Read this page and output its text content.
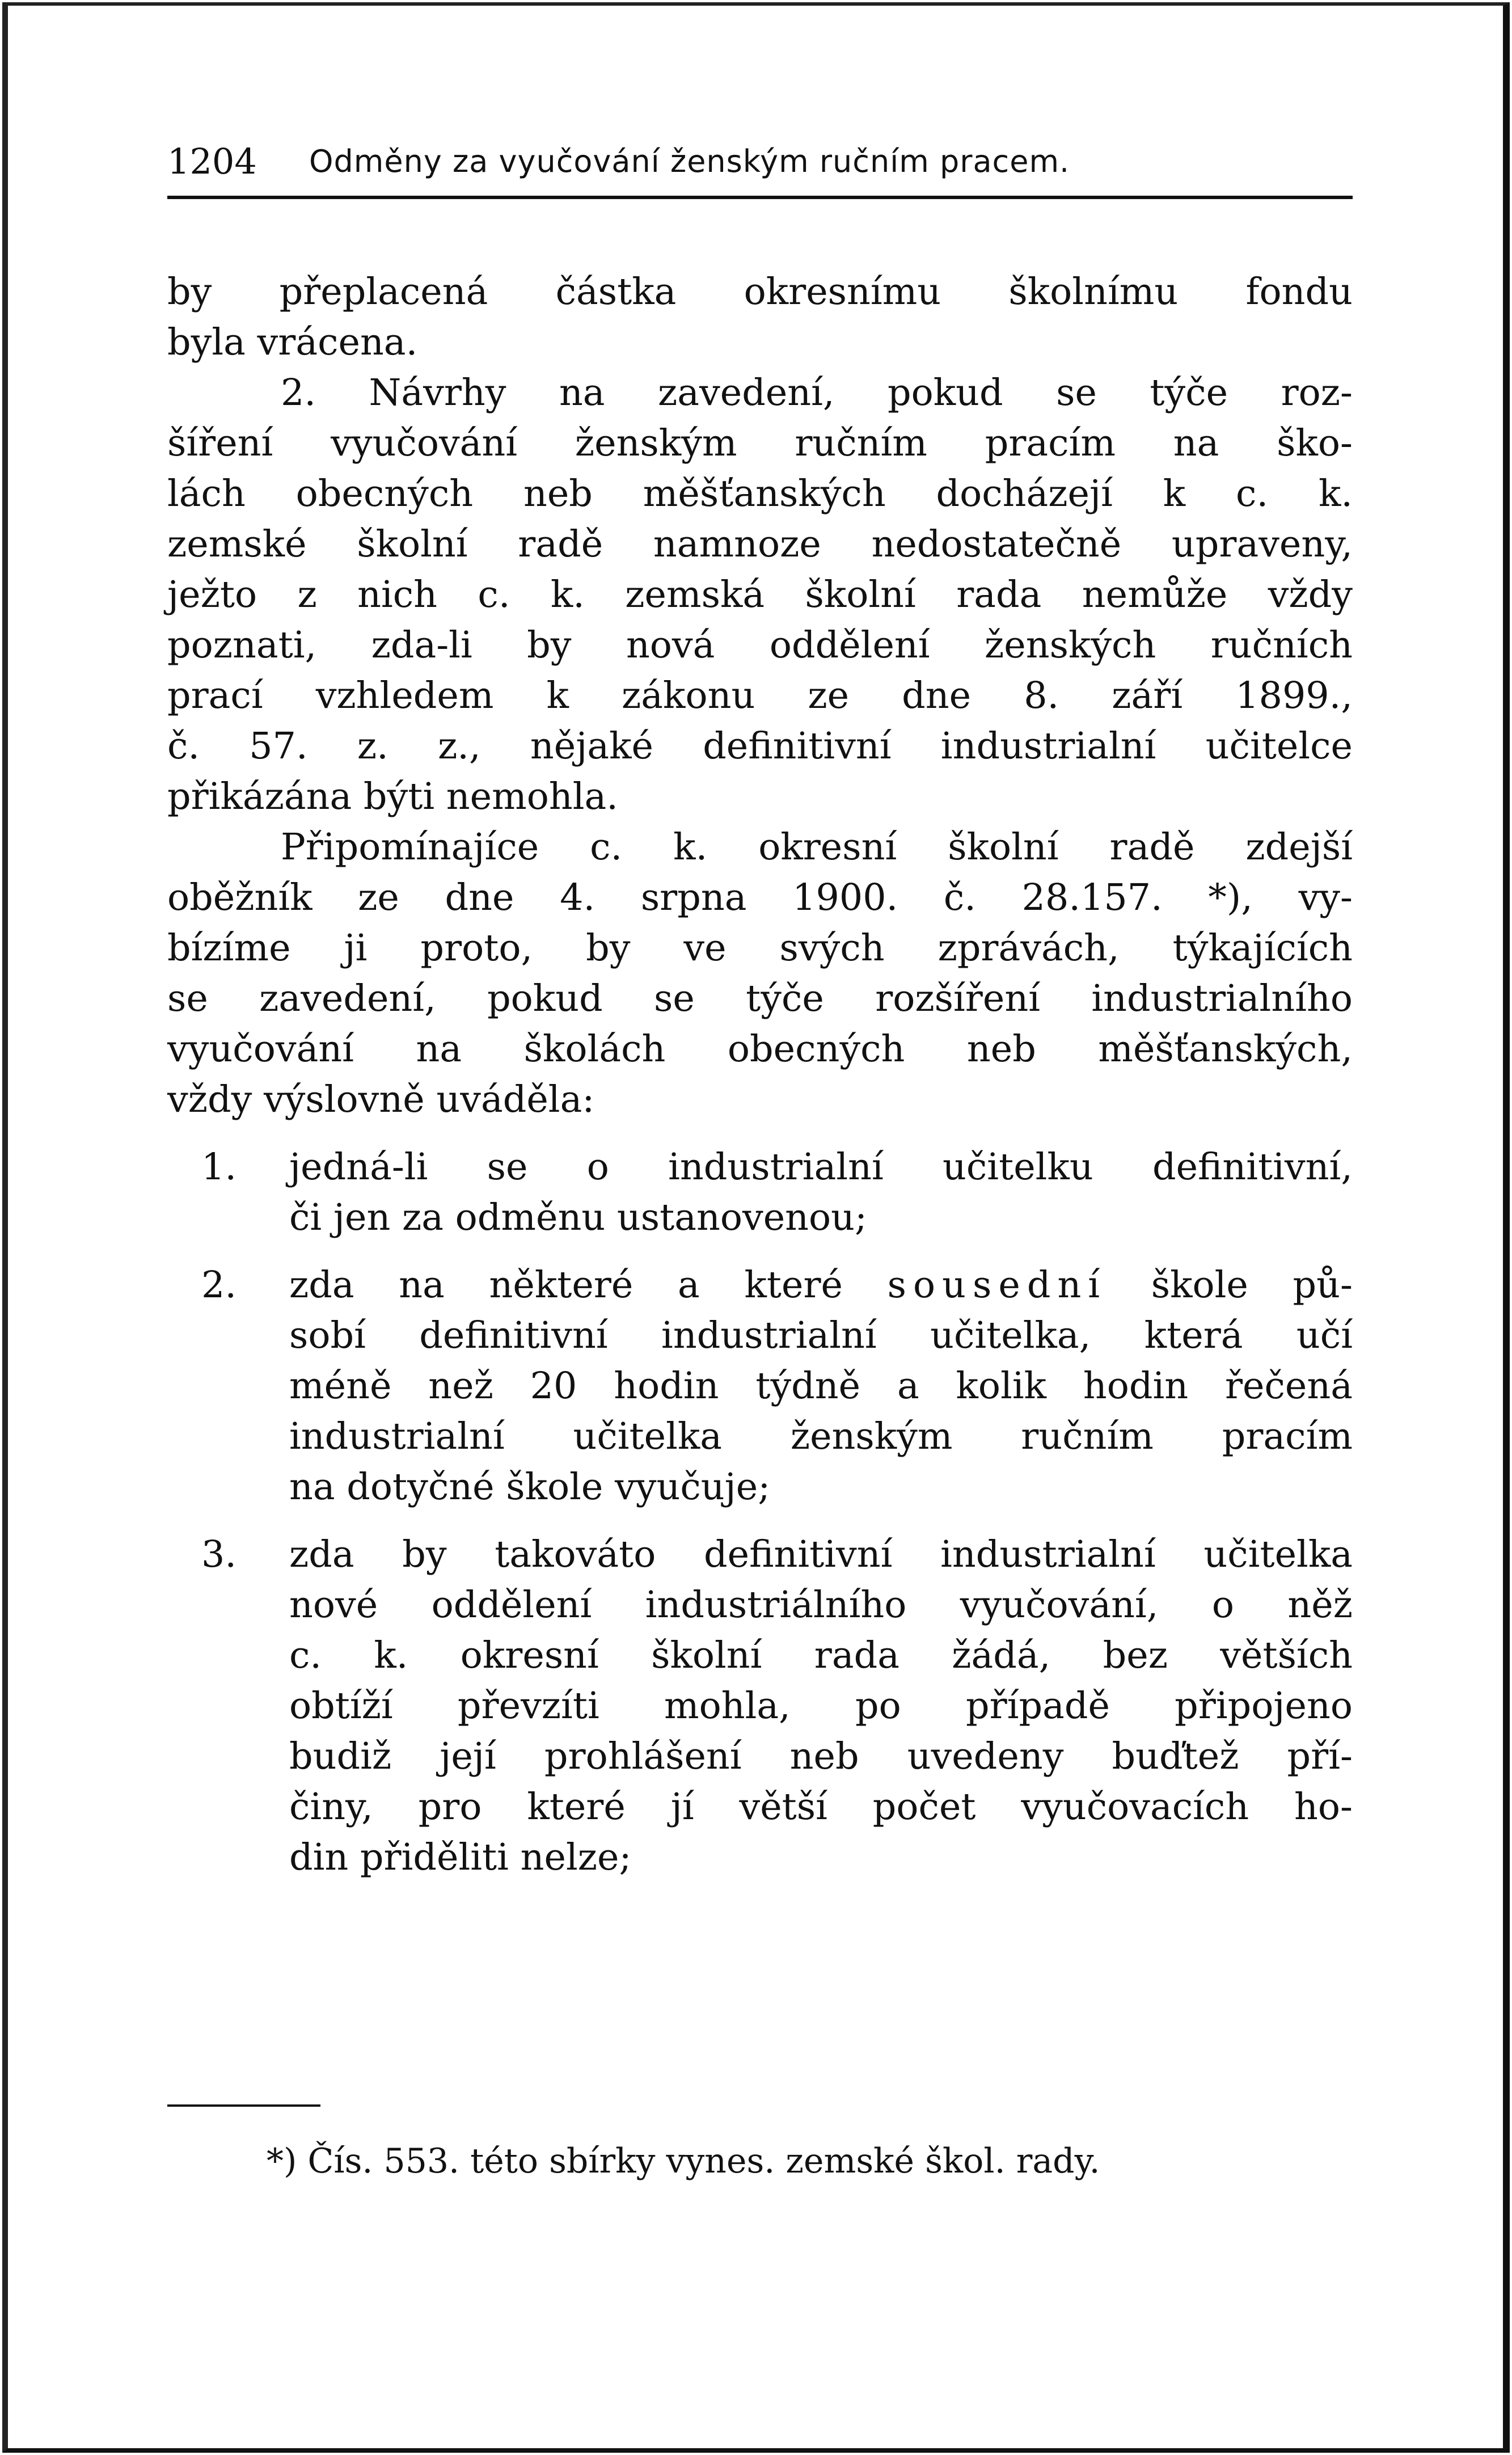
1204 Odměny za vyučování ženským ručním pracem.
by přeplacená částka okresnímu školnímu fondu
byla vrácena.
2. Návrhy na zavedení, pokud se týče roz-
šíření vyučování ženským ručním pracím na ško-
lách obecných neb měšťanských docházejí k c. k.
zemské školní radě namnoze nedostatečně upraveny,
ježto z nich c. k. zemská školní rada nemůže vždy
poznati, zda-li by nová oddělení ženských ručních
prací vzhledem k zákonu ze dne 8. září 1899.,
č. 57. z. z., nějaké definitivní industrialní učitelce
přikázána býti nemohla.
Připomínajíce c. k. okresní školní radě zdejší
oběžník ze dne 4. srpna 1900. č. 28.157. *), vy-
bízíme ji proto, by ve svých zprávách, týkajících
se zavedení, pokud se týče rozšíření industrialního
vyučování na školách obecných neb měšťanských,
vždy výslovně uváděla:
1. jedná-li se o industrialní učitelku definitivní,
či jen za odměnu ustanovenou;
2. zda na některé a které sousední škole pů-
sobí definitivní industrialní učitelka, která učí
méně než 20 hodin týdně a kolik hodin řečená
industrialní učitelka ženským ručním pracím
na dotyčné škole vyučuje;
3. zda by takováto definitivní industrialní učitelka
nové oddělení industriálního vyučování, o něž
c. k. okresní školní rada žádá, bez větších
obtíží převzíti mohla, po případě připojeno
budiž její prohlášení neb uvedeny buďtež pří-
činy, pro které jí větší počet vyučovacích ho-
din přiděliti nelze;
*) Čís. 553. této sbírky vynes. zemské škol. rady.
